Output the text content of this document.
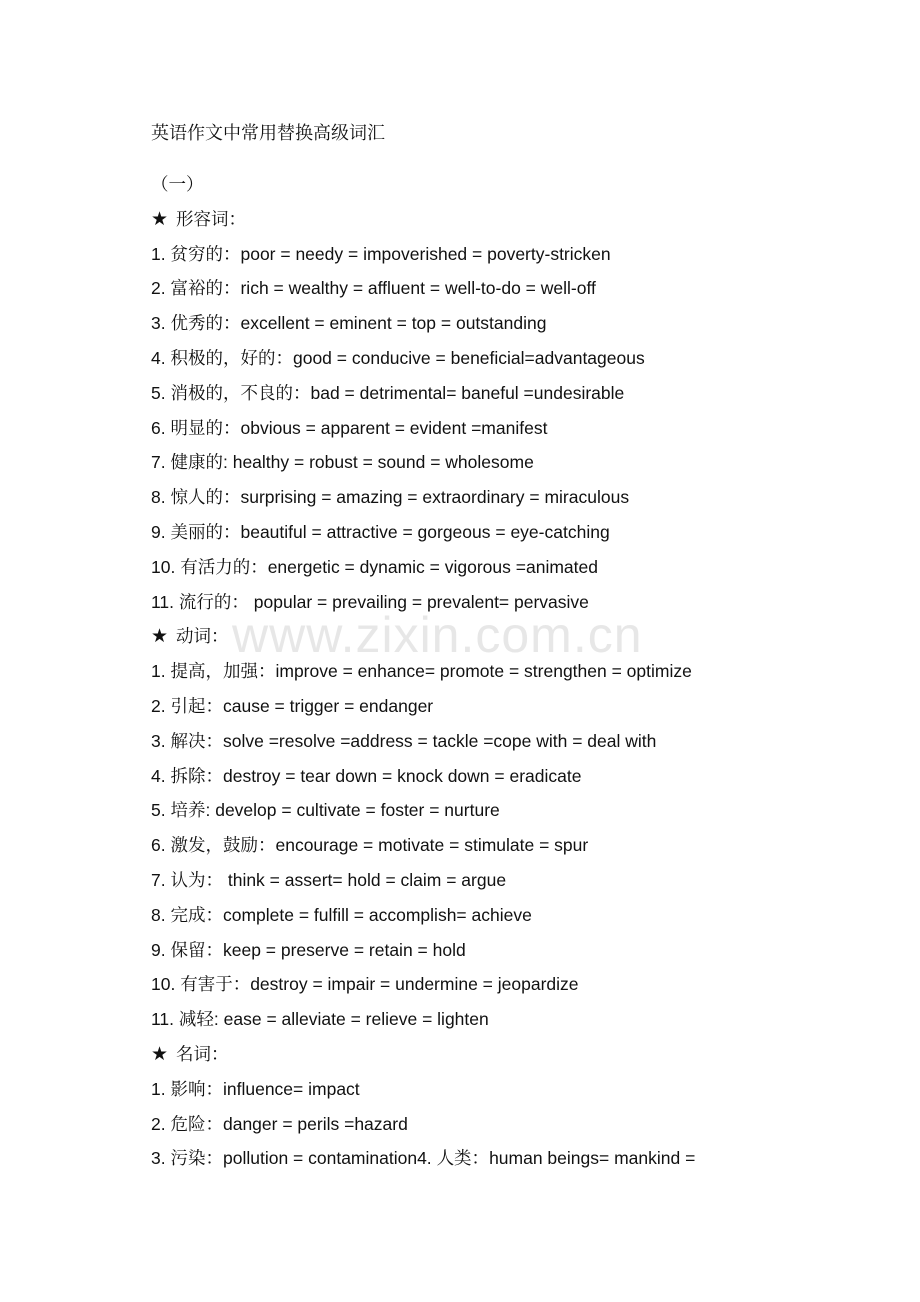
英语作文中常用替换高级词汇
（一）
★ 形容词：
1. 贫穷的：poor = needy = impoverished = poverty-stricken
2. 富裕的：rich = wealthy = affluent = well-to-do = well-off
3. 优秀的：excellent = eminent = top = outstanding
4. 积极的，好的：good = conducive = beneficial=advantageous
5. 消极的，不良的：bad = detrimental= baneful =undesirable
6. 明显的：obvious = apparent = evident =manifest
7. 健康的: healthy = robust = sound = wholesome
8. 惊人的：surprising = amazing = extraordinary = miraculous
9. 美丽的：beautiful = attractive = gorgeous = eye-catching
10. 有活力的：energetic = dynamic = vigorous =animated
11. 流行的： popular = prevailing = prevalent= pervasive
★ 动词：
1. 提高，加强：improve = enhance= promote = strengthen = optimize
2. 引起：cause = trigger = endanger
3. 解决：solve =resolve =address = tackle =cope with = deal with
4. 拆除：destroy = tear down = knock down = eradicate
5. 培养: develop = cultivate = foster = nurture
6. 激发，鼓励：encourage = motivate = stimulate = spur
7. 认为： think = assert= hold = claim = argue
8. 完成：complete = fulfill = accomplish= achieve
9. 保留：keep = preserve = retain = hold
10. 有害于：destroy = impair = undermine = jeopardize
11. 减轻: ease = alleviate = relieve = lighten
★ 名词：
1. 影响：influence= impact
2. 危险：danger = perils =hazard
3. 污染：pollution = contamination4. 人类：human beings= mankind =
www.zixin.com.cn
